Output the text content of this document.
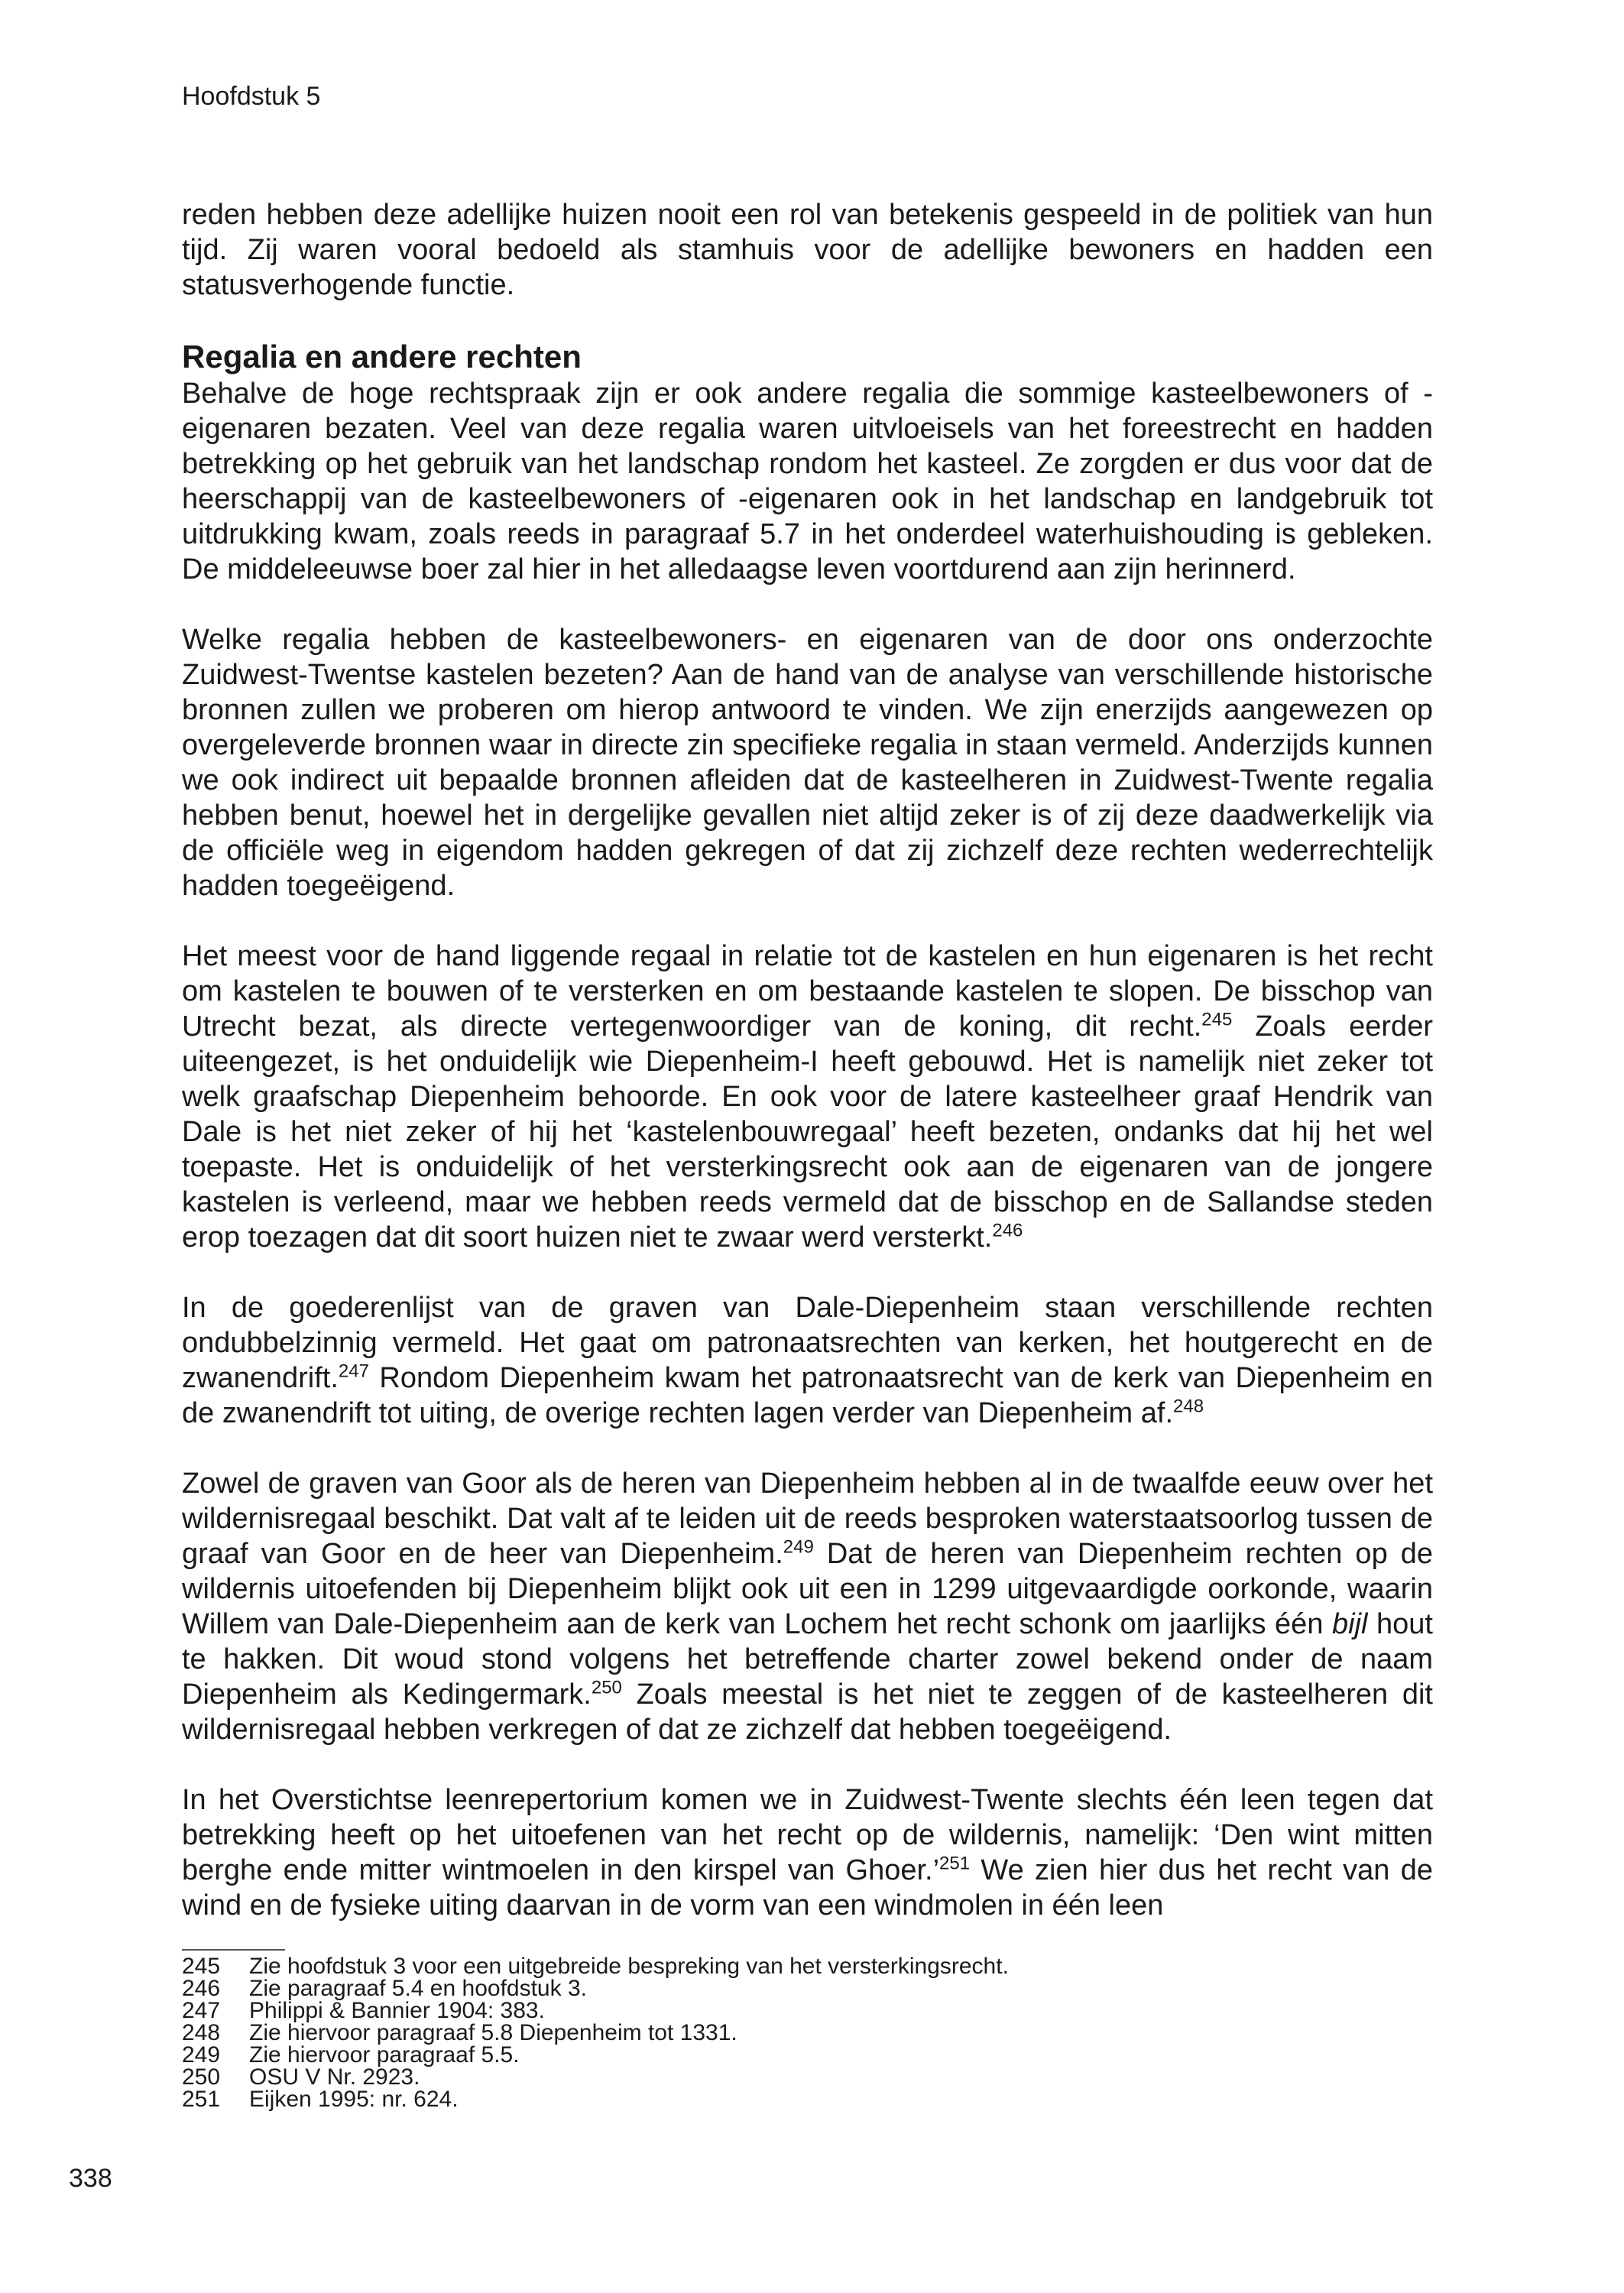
Hoofdstuk 5

reden hebben deze adellijke huizen nooit een rol van betekenis gespeeld in de politiek van hun tijd. Zij waren vooral bedoeld als stamhuis voor de adellijke bewoners en hadden een statusverhogende functie.

Regalia en andere rechten

Behalve de hoge rechtspraak zijn er ook andere regalia die sommige kasteelbewoners of -eigenaren bezaten. Veel van deze regalia waren uitvloeisels van het foreestrecht en hadden betrekking op het gebruik van het landschap rondom het kasteel. Ze zorgden er dus voor dat de heerschappij van de kasteelbewoners of -eigenaren ook in het landschap en landgebruik tot uitdrukking kwam, zoals reeds in paragraaf 5.7 in het onderdeel waterhuishouding is gebleken. De middeleeuwse boer zal hier in het alledaagse leven voortdurend aan zijn herinnerd.

Welke regalia hebben de kasteelbewoners- en eigenaren van de door ons onderzochte Zuidwest-Twentse kastelen bezeten? Aan de hand van de analyse van verschillende historische bronnen zullen we proberen om hierop antwoord te vinden. We zijn enerzijds aangewezen op overgeleverde bronnen waar in directe zin specifieke regalia in staan vermeld. Anderzijds kunnen we ook indirect uit bepaalde bronnen afleiden dat de kasteelheren in Zuidwest-Twente regalia hebben benut, hoewel het in dergelijke gevallen niet altijd zeker is of zij deze daadwerkelijk via de officiële weg in eigendom hadden gekregen of dat zij zichzelf deze rechten wederrechtelijk hadden toegeëigend.

Het meest voor de hand liggende regaal in relatie tot de kastelen en hun eigenaren is het recht om kastelen te bouwen of te versterken en om bestaande kastelen te slopen. De bisschop van Utrecht bezat, als directe vertegenwoordiger van de koning, dit recht.$^{245}$ Zoals eerder uiteengezet, is het onduidelijk wie Diepenheim-I heeft gebouwd. Het is namelijk niet zeker tot welk graafschap Diepenheim behoorde. En ook voor de latere kasteelheer graaf Hendrik van Dale is het niet zeker of hij het ‘kastelenbouwregaal’ heeft bezeten, ondanks dat hij het wel toepaste. Het is onduidelijk of het versterkingsrecht ook aan de eigenaren van de jongere kastelen is verleend, maar we hebben reeds vermeld dat de bisschop en de Sallandse steden erop toezagen dat dit soort huizen niet te zwaar werd versterkt.$^{246}$

In de goederenlijst van de graven van Dale-Diepenheim staan verschillende rechten ondubbelzinnig vermeld. Het gaat om patronaatsrechten van kerken, het houtgerecht en de zwanendrift.$^{247}$ Rondom Diepenheim kwam het patronaatsrecht van de kerk van Diepenheim en de zwanendrift tot uiting, de overige rechten lagen verder van Diepenheim af.$^{248}$

Zowel de graven van Goor als de heren van Diepenheim hebben al in de twaalfde eeuw over het wildernisregaal beschikt. Dat valt af te leiden uit de reeds besproken waterstaatsoorlog tussen de graaf van Goor en de heer van Diepenheim.$^{249}$ Dat de heren van Diepenheim rechten op de wildernis uitoefenden bij Diepenheim blijkt ook uit een in 1299 uitgevaardigde oorkonde, waarin Willem van Dale-Diepenheim aan de kerk van Lochem het recht schonk om jaarlijks één bijl hout te hakken. Dit woud stond volgens het betreffende charter zowel bekend onder de naam Diepenheim als Kedingermark.$^{250}$ Zoals meestal is het niet te zeggen of de kasteelheren dit wildernisregaal hebben verkregen of dat ze zichzelf dat hebben toegeëigend.

In het Overstichtse leenrepertorium komen we in Zuidwest-Twente slechts één leen tegen dat betrekking heeft op het uitoefenen van het recht op de wildernis, namelijk: ‘Den wint mitten berghe ende mitter wintmoelen in den kirspel van Ghoer.’$^{251}$ We zien hier dus het recht van de wind en de fysieke uiting daarvan in de vorm van een windmolen in één leen

245	Zie hoofdstuk 3 voor een uitgebreide bespreking van het versterkingsrecht.
246	Zie paragraaf 5.4 en hoofdstuk 3.
247	Philippi & Bannier 1904: 383.
248	Zie hiervoor paragraaf 5.8 Diepenheim tot 1331.
249	Zie hiervoor paragraaf 5.5.
250	OSU V Nr. 2923.
251	Eijken 1995: nr. 624.
338
